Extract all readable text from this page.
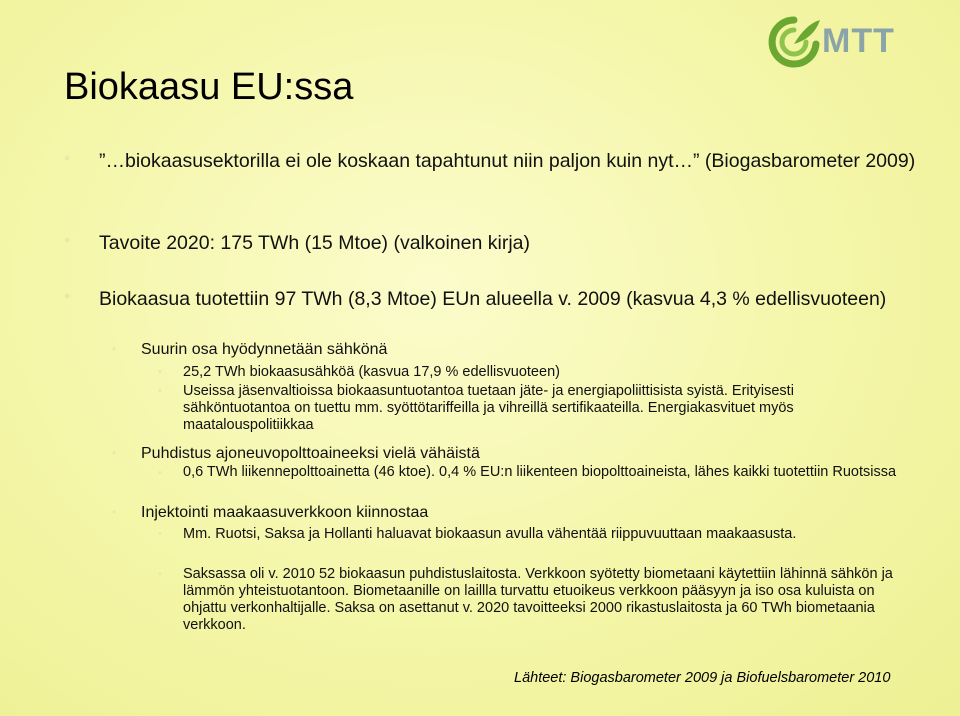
MTT
Biokaasu EU:ssa
• ”…biokaasusektorilla ei ole koskaan tapahtunut niin paljon kuin nyt…” (Biogasbarometer 2009)

• Tavoite 2020: 175 TWh (15 Mtoe) (valkoinen kirja)

• Biokaasua tuotettiin 97 TWh (8,3 Mtoe) EUn alueella v. 2009 (kasvua 4,3 % edellisvuoteen)

• Suurin osa hyödynnetään sähkönä

• 25,2 TWh biokaasusähköä (kasvua 17,9 % edellisvuoteen)

• Useissa jäsenvaltioissa biokaasuntuotantoa tuetaan jäte- ja energiapoliittisista syistä. Erityisesti sähköntuotantoa on tuettu mm. syöttötariffeilla ja vihreillä sertifikaateilla. Energiakasvituet myös maatalouspolitiikkaa

• Puhdistus ajoneuvopolttoaineeksi vielä vähäistä

• 0,6 TWh liikennepolttoainetta (46 ktoe). 0,4 % EU:n liikenteen biopolttoaineista, lähes kaikki tuotettiin Ruotsissa

• Injektointi maakaasuverkkoon kiinnostaa

• Mm. Ruotsi, Saksa ja Hollanti haluavat biokaasun avulla vähentää riippuvuuttaan maakaasusta.

• Saksassa oli v. 2010 52 biokaasun puhdistuslaitosta. Verkkoon syötetty biometaani käytettiin lähinnä sähkön ja lämmön yhteistuotantoon. Biometaanille on laillla turvattu etuoikeus verkkoon pääsyyn ja iso osa kuluista on ohjattu verkonhaltijalle. Saksa on asettanut v. 2020 tavoitteeksi 2000 rikastuslaitosta ja 60 TWh biometaania verkkoon.

Lähteet: Biogasbarometer 2009 ja Biofuelsbarometer 2010
